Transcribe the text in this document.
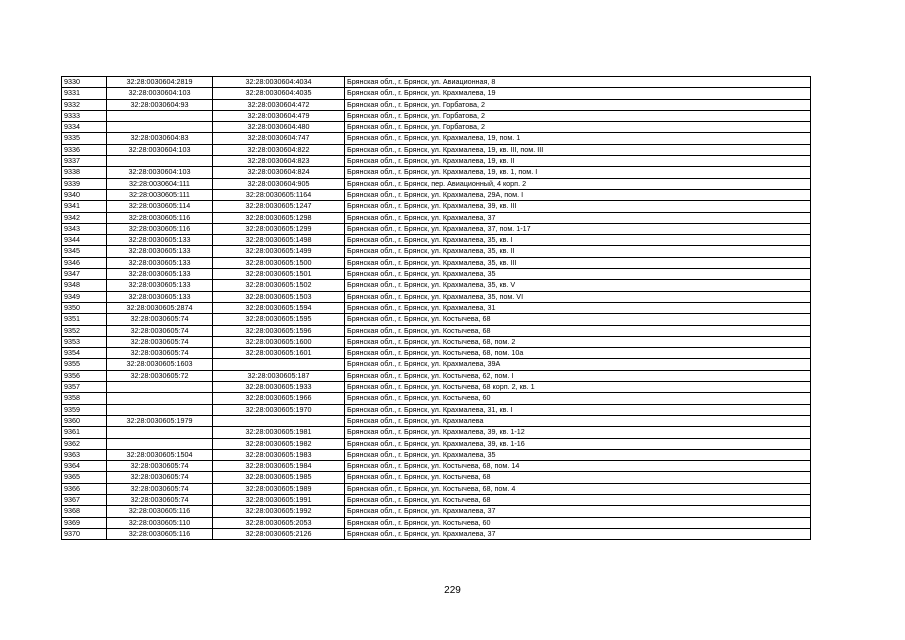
9330	32:28:0030604:2819	32:28:0030604:4034	Брянская обл., г. Брянск, ул. Авиационная, 8
9331	32:28:0030604:103	32:28:0030604:4035	Брянская обл., г. Брянск, ул. Крахмалева, 19
9332	32:28:0030604:93	32:28:0030604:472	Брянская обл., г. Брянск, ул. Горбатова, 2
9333		32:28:0030604:479	Брянская обл., г. Брянск, ул. Горбатова, 2
9334		32:28:0030604:480	Брянская обл., г. Брянск, ул. Горбатова, 2
9335	32:28:0030604:83	32:28:0030604:747	Брянская обл., г. Брянск, ул. Крахмалева, 19, пом. 1
9336	32:28:0030604:103	32:28:0030604:822	Брянская обл., г. Брянск, ул. Крахмалева, 19, кв. III, пом. III
9337		32:28:0030604:823	Брянская обл., г. Брянск, ул. Крахмалева, 19, кв. II
9338	32:28:0030604:103	32:28:0030604:824	Брянская обл., г. Брянск, ул. Крахмалева, 19, кв. 1, пом. I
9339	32:28:0030604:111	32:28:0030604:905	Брянская обл., г. Брянск, пер. Авиационный, 4 корп. 2
9340	32:28:0030605:111	32:28:0030605:1164	Брянская обл., г. Брянск, ул. Крахмалева, 29А, пом. I
9341	32:28:0030605:114	32:28:0030605:1247	Брянская обл., г. Брянск, ул. Крахмалева, 39, кв. III
9342	32:28:0030605:116	32:28:0030605:1298	Брянская обл., г. Брянск, ул. Крахмалева, 37
9343	32:28:0030605:116	32:28:0030605:1299	Брянская обл., г. Брянск, ул. Крахмалева, 37, пом. 1-17
9344	32:28:0030605:133	32:28:0030605:1498	Брянская обл., г. Брянск, ул. Крахмалева, 35, кв. I
9345	32:28:0030605:133	32:28:0030605:1499	Брянская обл., г. Брянск, ул. Крахмалева, 35, кв. II
9346	32:28:0030605:133	32:28:0030605:1500	Брянская обл., г. Брянск, ул. Крахмалева, 35, кв. III
9347	32:28:0030605:133	32:28:0030605:1501	Брянская обл., г. Брянск, ул. Крахмалева, 35
9348	32:28:0030605:133	32:28:0030605:1502	Брянская обл., г. Брянск, ул. Крахмалева, 35, кв. V
9349	32:28:0030605:133	32:28:0030605:1503	Брянская обл., г. Брянск, ул. Крахмалева, 35, пом. VI
9350	32:28:0030605:2874	32:28:0030605:1594	Брянская обл., г. Брянск, ул. Крахмалева, 31
9351	32:28:0030605:74	32:28:0030605:1595	Брянская обл., г. Брянск, ул. Костычева, 68
9352	32:28:0030605:74	32:28:0030605:1596	Брянская обл., г. Брянск, ул. Костычева, 68
9353	32:28:0030605:74	32:28:0030605:1600	Брянская обл., г. Брянск, ул. Костычева, 68, пом. 2
9354	32:28:0030605:74	32:28:0030605:1601	Брянская обл., г. Брянск, ул. Костычева, 68, пом. 10а
9355	32:28:0030605:1603		Брянская обл., г. Брянск, ул. Крахмалева, 39А
9356	32:28:0030605:72	32:28:0030605:187	Брянская обл., г. Брянск, ул. Костычева, 62, пом. I
9357		32:28:0030605:1933	Брянская обл., г. Брянск, ул. Костычева, 68 корп. 2, кв. 1
9358		32:28:0030605:1966	Брянская обл., г. Брянск, ул. Костычева, 60
9359		32:28:0030605:1970	Брянская обл., г. Брянск, ул. Крахмалева, 31, кв. I
9360	32:28:0030605:1979		Брянская обл., г. Брянск, ул. Крахмалева
9361		32:28:0030605:1981	Брянская обл., г. Брянск, ул. Крахмалева, 39, кв. 1-12
9362		32:28:0030605:1982	Брянская обл., г. Брянск, ул. Крахмалева, 39, кв. 1-16
9363	32:28:0030605:1504	32:28:0030605:1983	Брянская обл., г. Брянск, ул. Крахмалева, 35
9364	32:28:0030605:74	32:28:0030605:1984	Брянская обл., г. Брянск, ул. Костычева, 68, пом. 14
9365	32:28:0030605:74	32:28:0030605:1985	Брянская обл., г. Брянск, ул. Костычева, 68
9366	32:28:0030605:74	32:28:0030605:1989	Брянская обл., г. Брянск, ул. Костычева, 68, пом. 4
9367	32:28:0030605:74	32:28:0030605:1991	Брянская обл., г. Брянск, ул. Костычева, 68
9368	32:28:0030605:116	32:28:0030605:1992	Брянская обл., г. Брянск, ул. Крахмалева, 37
9369	32:28:0030605:110	32:28:0030605:2053	Брянская обл., г. Брянск, ул. Костычева, 60
9370	32:28:0030605:116	32:28:0030605:2126	Брянская обл., г. Брянск, ул. Крахмалева, 37
229
